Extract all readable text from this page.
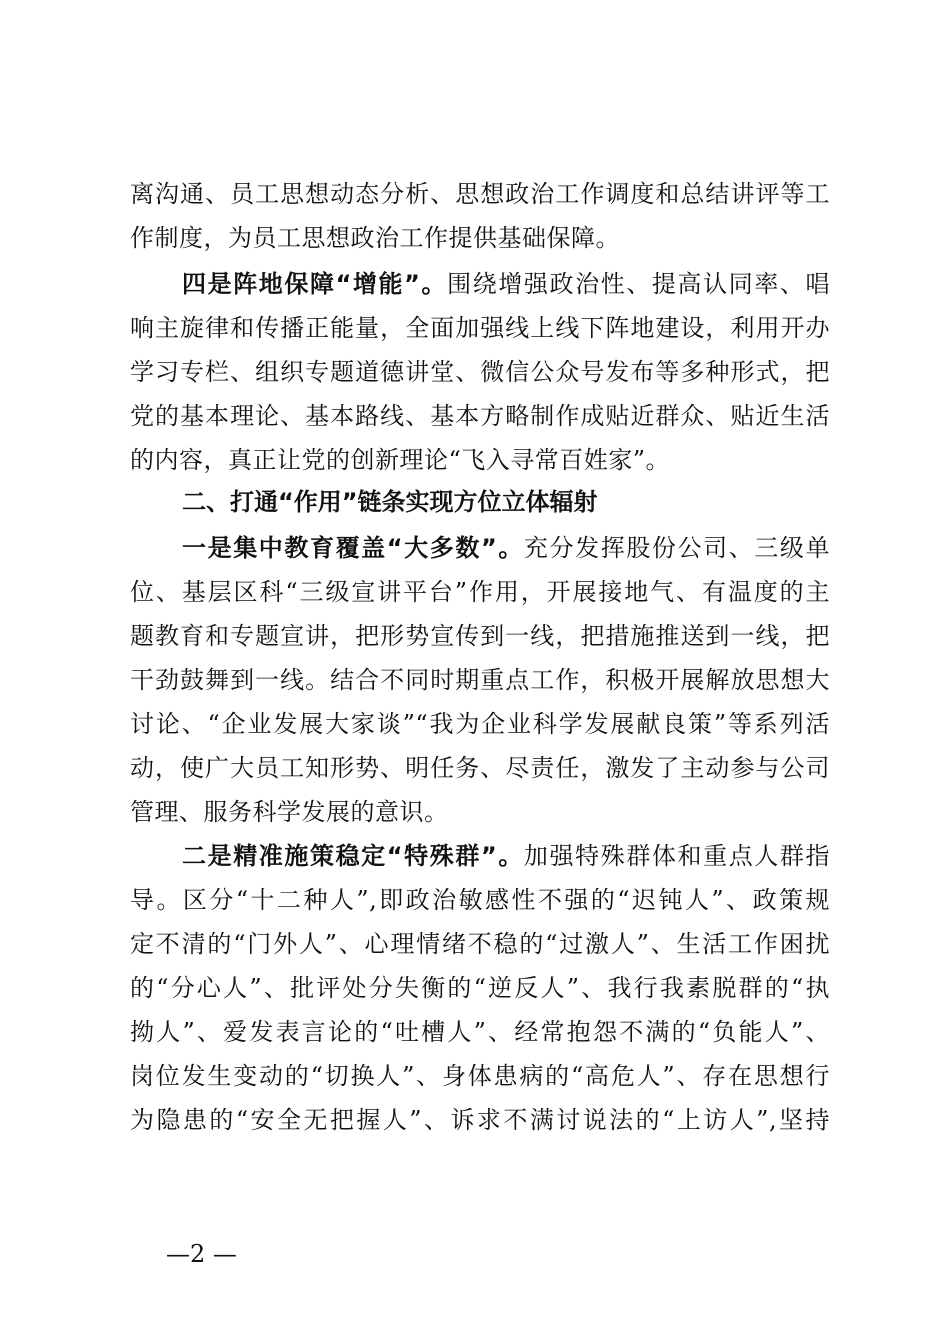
离沟通、员工思想动态分析、思想政治工作调度和总结讲评等工
作制度，为员工思想政治工作提供基础保障。
四是阵地保障“增能”。围绕增强政治性、提高认同率、唱
响主旋律和传播正能量，全面加强线上线下阵地建设，利用开办
学习专栏、组织专题道德讲堂、微信公众号发布等多种形式，把
党的基本理论、基本路线、基本方略制作成贴近群众、贴近生活
的内容，真正让党的创新理论“飞入寻常百姓家”。
二、打通“作用”链条实现方位立体辐射
一是集中教育覆盖“大多数”。充分发挥股份公司、三级单
位、基层区科“三级宣讲平台”作用，开展接地气、有温度的主
题教育和专题宣讲，把形势宣传到一线，把措施推送到一线，把
干劲鼓舞到一线。结合不同时期重点工作，积极开展解放思想大
讨论、“企业发展大家谈”“我为企业科学发展献良策”等系列活
动，使广大员工知形势、明任务、尽责任，激发了主动参与公司
管理、服务科学发展的意识。
二是精准施策稳定“特殊群”。加强特殊群体和重点人群指
导。区分“十二种人”,即政治敏感性不强的“迟钝人”、政策规
定不清的“门外人”、心理情绪不稳的“过激人”、生活工作困扰
的“分心人”、批评处分失衡的“逆反人”、我行我素脱群的“执
拗人”、爱发表言论的“吐槽人”、经常抱怨不满的“负能人”、
岗位发生变动的“切换人”、身体患病的“高危人”、存在思想行
为隐患的“安全无把握人”、诉求不满讨说法的“上访人”,坚持
—2 —
